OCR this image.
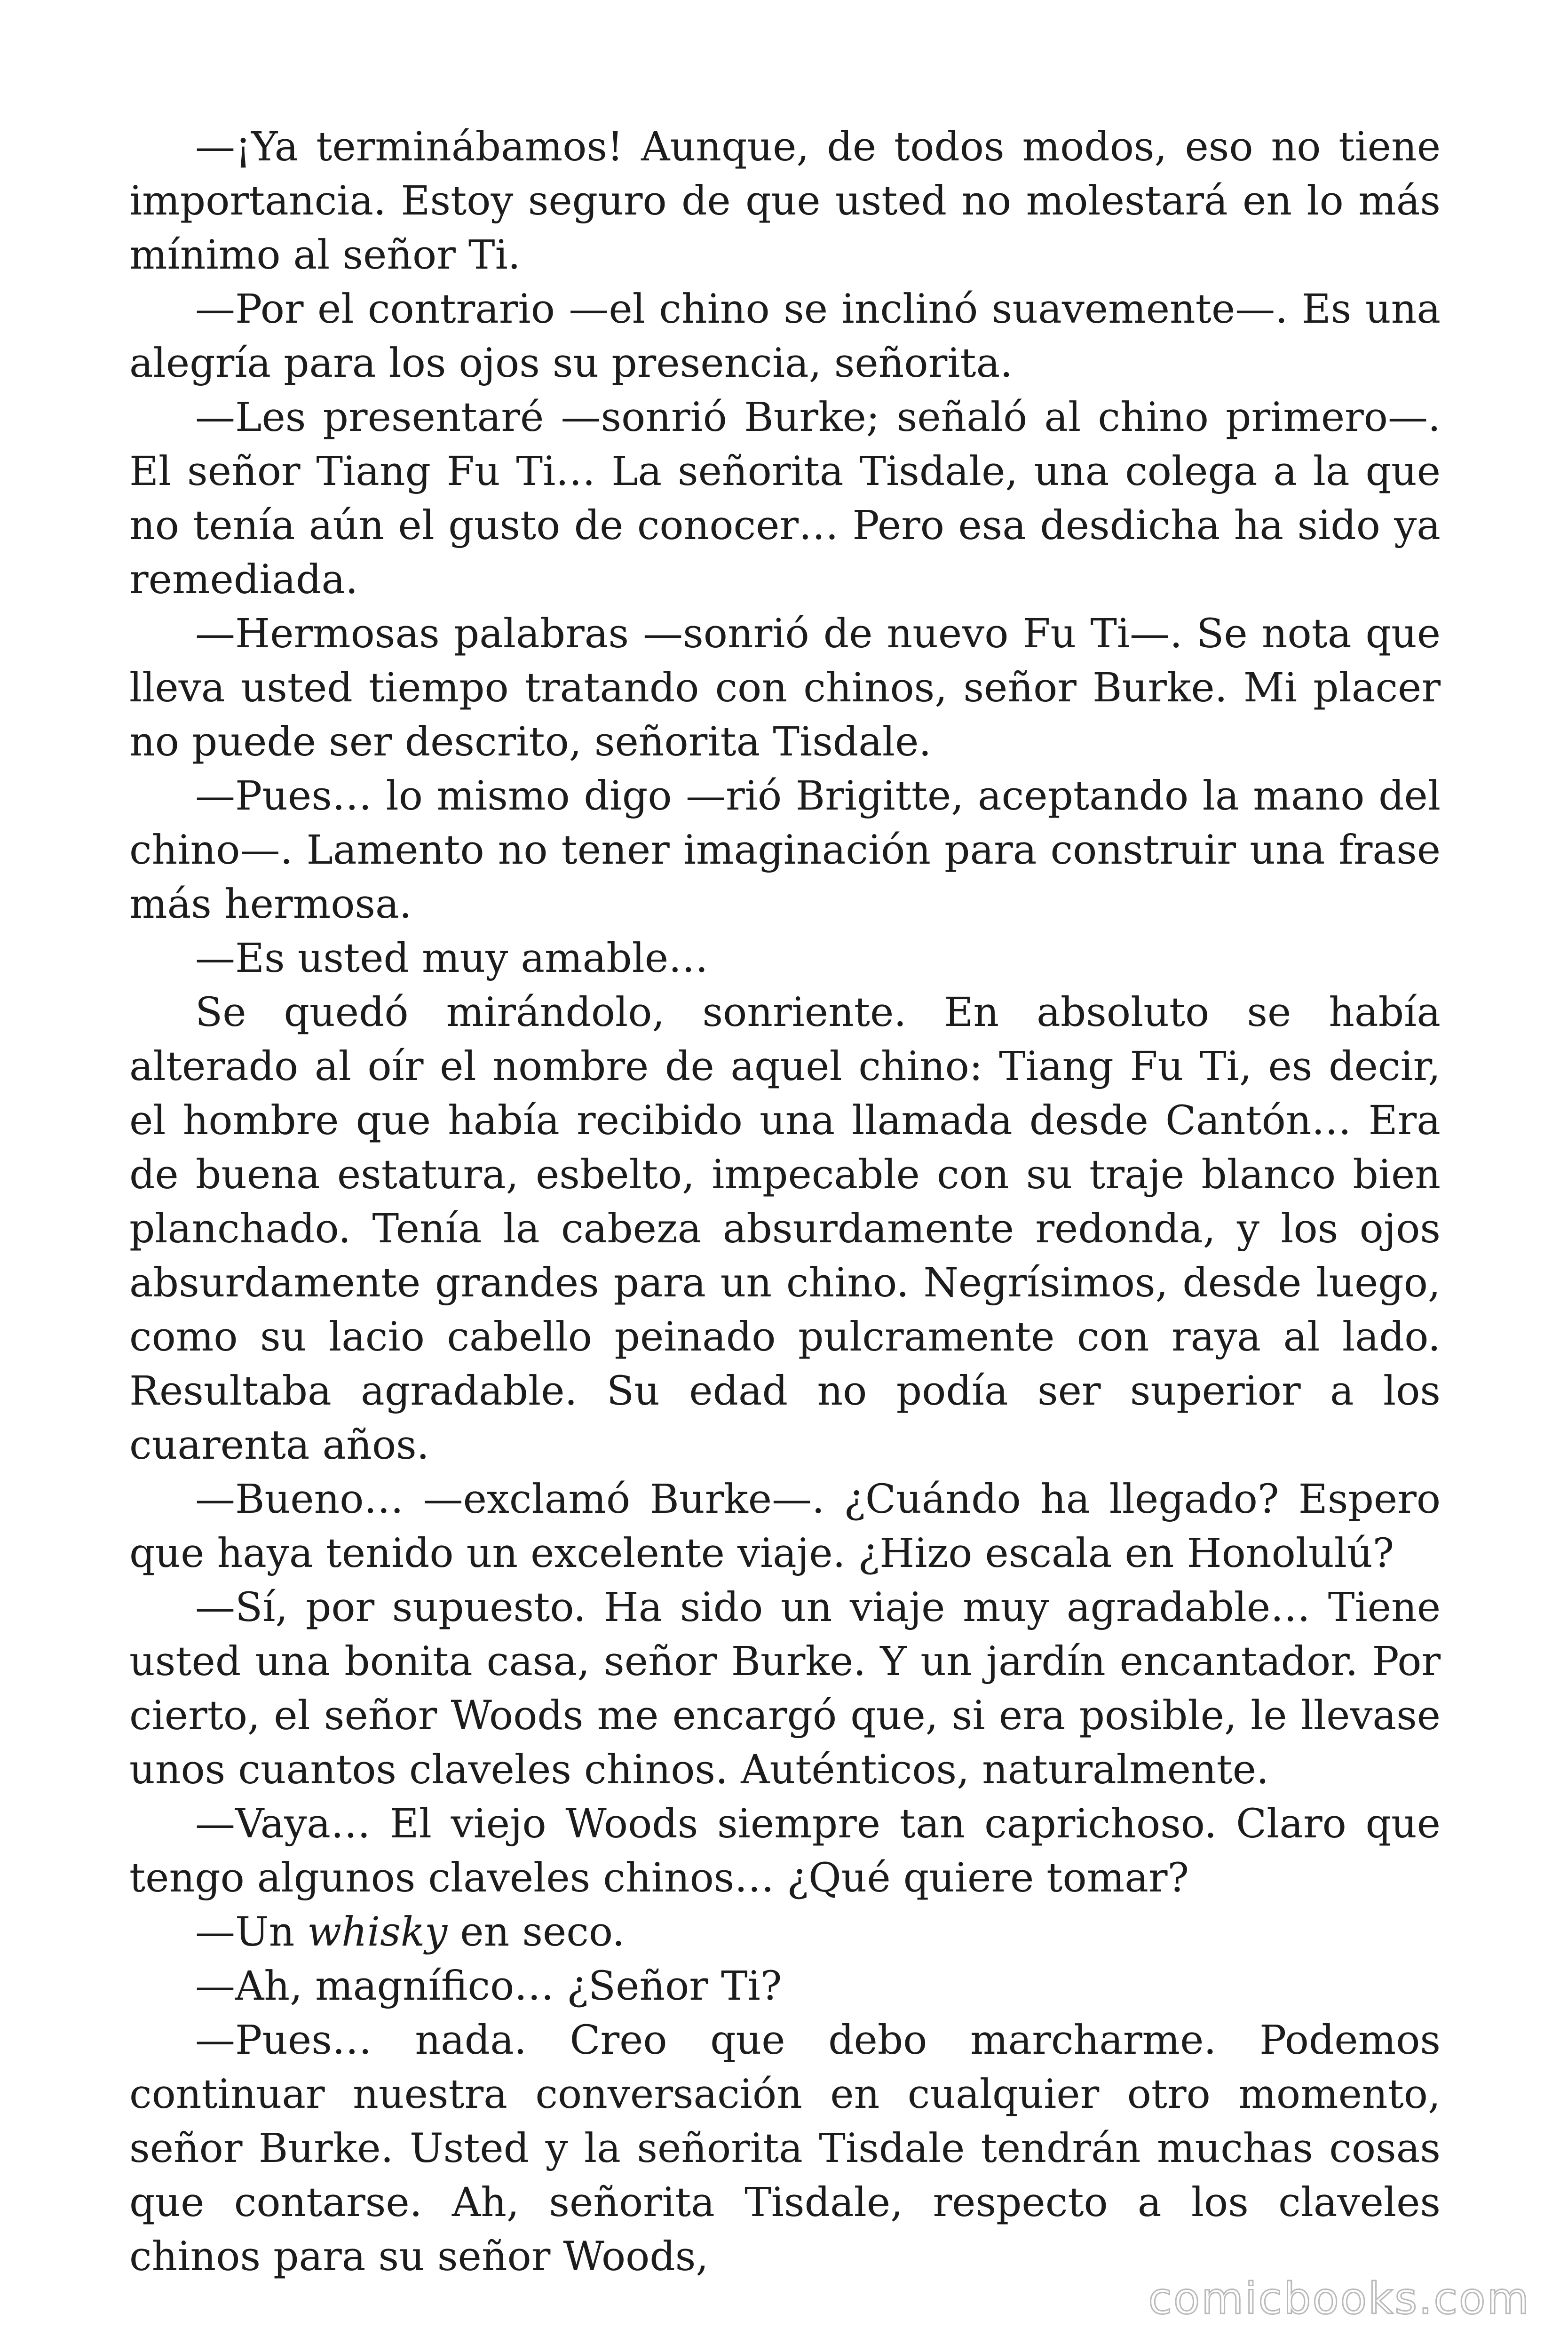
—¡Ya terminábamos! Aunque, de todos modos, eso no tiene importancia. Estoy seguro de que usted no molestará en lo más mínimo al señor Ti.

—Por el contrario —el chino se inclinó suavemente—. Es una alegría para los ojos su presencia, señorita.

—Les presentaré —sonrió Burke; señaló al chino primero—. El señor Tiang Fu Ti… La señorita Tisdale, una colega a la que no tenía aún el gusto de conocer… Pero esa desdicha ha sido ya remediada.

—Hermosas palabras —sonrió de nuevo Fu Ti—. Se nota que lleva usted tiempo tratando con chinos, señor Burke. Mi placer no puede ser descrito, señorita Tisdale.

—Pues… lo mismo digo —rió Brigitte, aceptando la mano del chino—. Lamento no tener imaginación para construir una frase más hermosa.

—Es usted muy amable…

Se quedó mirándolo, sonriente. En absoluto se había alterado al oír el nombre de aquel chino: Tiang Fu Ti, es decir, el hombre que había recibido una llamada desde Cantón… Era de buena estatura, esbelto, impecable con su traje blanco bien planchado. Tenía la cabeza absurdamente redonda, y los ojos absurdamente grandes para un chino. Negrísimos, desde luego, como su lacio cabello peinado pulcramente con raya al lado. Resultaba agradable. Su edad no podía ser superior a los cuarenta años.

—Bueno… —exclamó Burke—. ¿Cuándo ha llegado? Espero que haya tenido un excelente viaje. ¿Hizo escala en Honolulú?

—Sí, por supuesto. Ha sido un viaje muy agradable… Tiene usted una bonita casa, señor Burke. Y un jardín encantador. Por cierto, el señor Woods me encargó que, si era posible, le llevase unos cuantos claveles chinos. Auténticos, naturalmente.

—Vaya… El viejo Woods siempre tan caprichoso. Claro que tengo algunos claveles chinos… ¿Qué quiere tomar?

—Un whisky en seco.

—Ah, magnífico… ¿Señor Ti?

—Pues… nada. Creo que debo marcharme. Podemos continuar nuestra conversación en cualquier otro momento, señor Burke. Usted y la señorita Tisdale tendrán muchas cosas que contarse. Ah, señorita Tisdale, respecto a los claveles chinos para su señor Woods,

comicbooks.com
